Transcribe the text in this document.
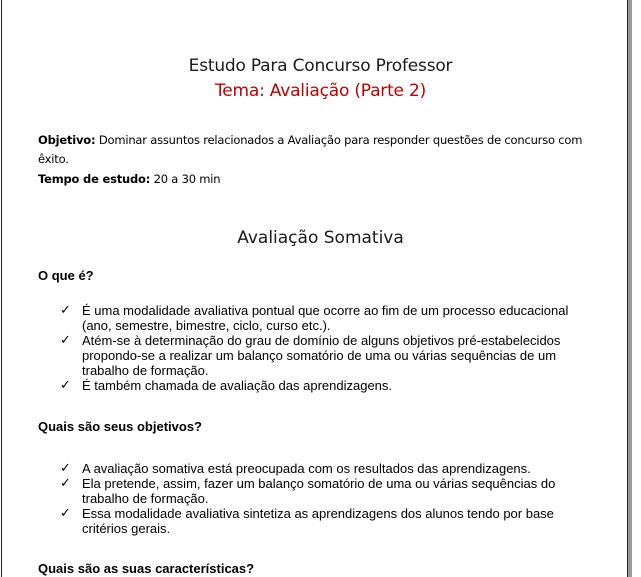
Estudo Para Concurso Professor
Tema: Avaliação (Parte 2)
Objetivo: Dominar assuntos relacionados a Avaliação para responder questões de concurso com êxito.
Tempo de estudo: 20 a 30 min
Avaliação Somativa
O que é?
✓ É uma modalidade avaliativa pontual que ocorre ao fim de um processo educacional (ano, semestre, bimestre, ciclo, curso etc.).
✓ Atém-se à determinação do grau de domínio de alguns objetivos pré-estabelecidos propondo-se a realizar um balanço somatório de uma ou várias sequências de um trabalho de formação.
✓ É também chamada de avaliação das aprendizagens.
Quais são seus objetivos?
✓ A avaliação somativa está preocupada com os resultados das aprendizagens.
✓ Ela pretende, assim, fazer um balanço somatório de uma ou várias sequências do trabalho de formação.
✓ Essa modalidade avaliativa sintetiza as aprendizagens dos alunos tendo por base critérios gerais.
Quais são as suas características?
